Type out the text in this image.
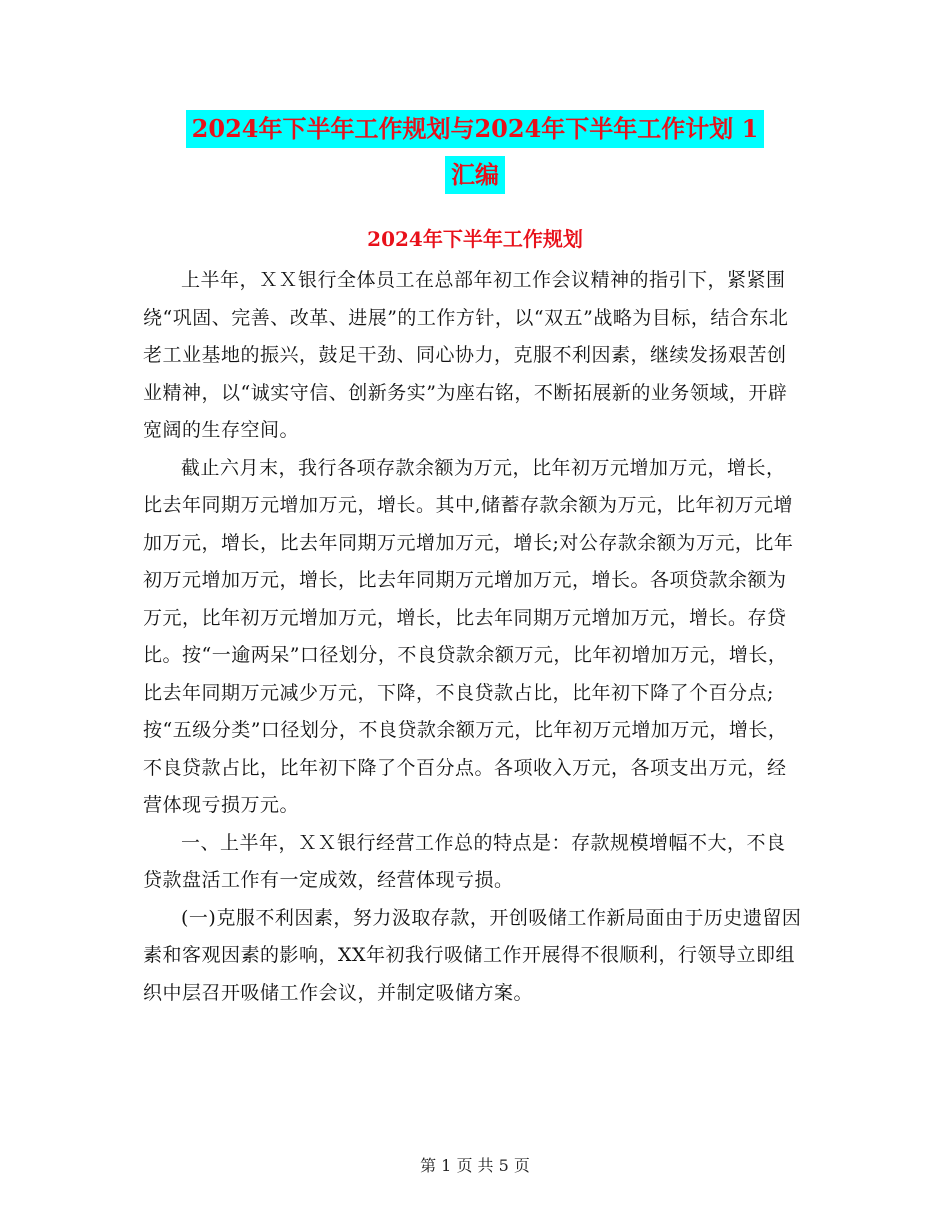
2024年下半年工作规划与2024年下半年工作计划 1
汇编
2024年下半年工作规划

上半年，ＸＸ银行全体员工在总部年初工作会议精神的指引下，紧紧围绕“巩固、完善、改革、进展”的工作方针，以“双五”战略为目标，结合东北老工业基地的振兴，鼓足干劲、同心协力，克服不利因素，继续发扬艰苦创业精神，以“诚实守信、创新务实”为座右铭，不断拓展新的业务领域，开辟宽阔的生存空间。

截止六月末，我行各项存款余额为万元，比年初万元增加万元，增长，比去年同期万元增加万元，增长。其中,储蓄存款余额为万元，比年初万元增加万元，增长，比去年同期万元增加万元，增长;对公存款余额为万元，比年初万元增加万元，增长，比去年同期万元增加万元，增长。各项贷款余额为万元，比年初万元增加万元，增长，比去年同期万元增加万元，增长。存贷比。按“一逾两呆”口径划分，不良贷款余额万元，比年初增加万元，增长，比去年同期万元减少万元，下降，不良贷款占比，比年初下降了个百分点;按“五级分类”口径划分，不良贷款余额万元，比年初万元增加万元，增长，不良贷款占比，比年初下降了个百分点。各项收入万元，各项支出万元，经营体现亏损万元。

一、上半年，ＸＸ银行经营工作总的特点是：存款规模增幅不大，不良贷款盘活工作有一定成效，经营体现亏损。

(一)克服不利因素，努力汲取存款，开创吸储工作新局面由于历史遗留因素和客观因素的影响，XX年初我行吸储工作开展得不很顺利，行领导立即组织中层召开吸储工作会议，并制定吸储方案。

第 1 页 共 5 页
